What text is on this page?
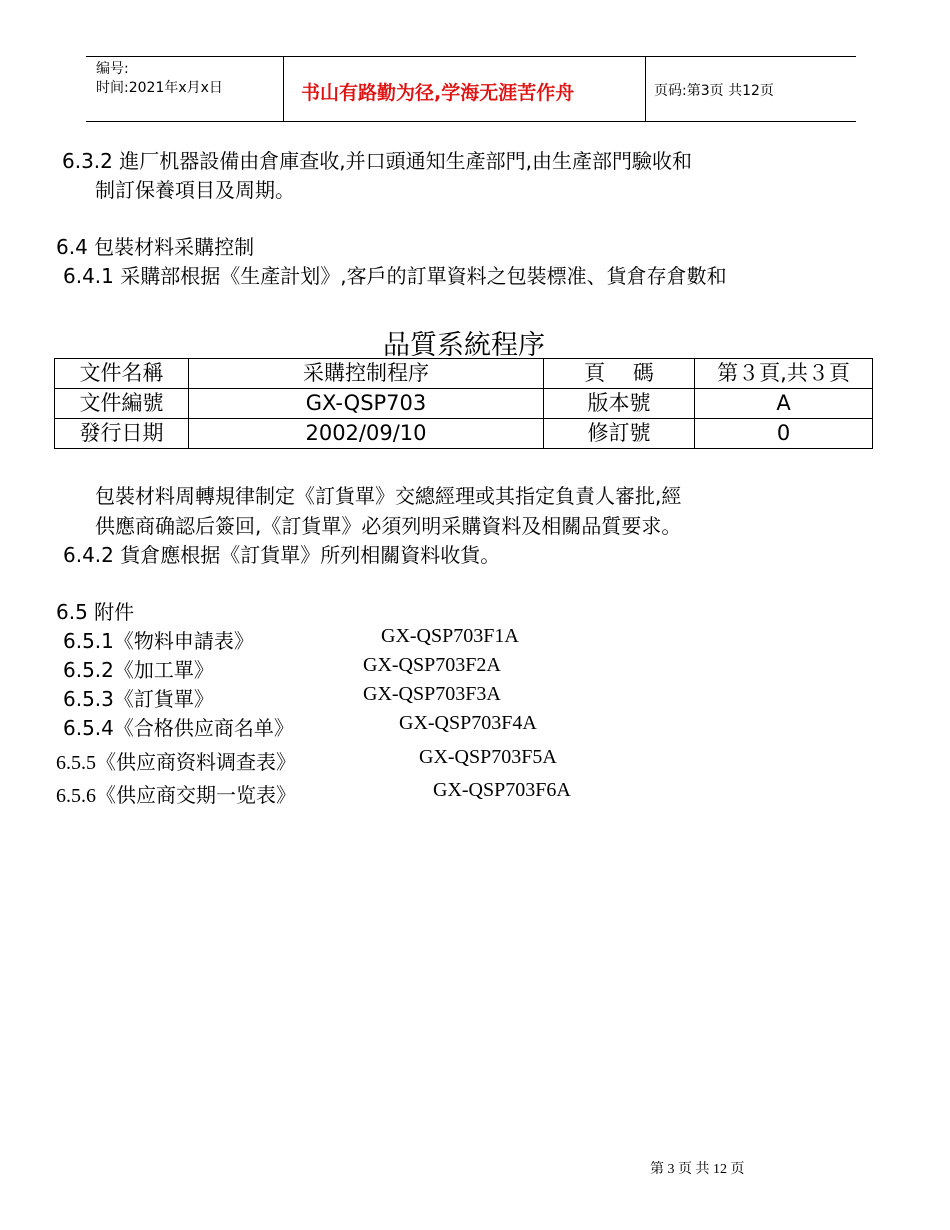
编号:
时间:2021年x月x日	书山有路勤为径,学海无涯苦作舟	页码:第3页 共12页
6.3.2 進厂机器設備由倉庫查收,并口頭通知生產部門,由生產部門驗收和
制訂保養項目及周期。
6.4 包裝材料采購控制
6.4.1 采購部根据《生產計划》,客戶的訂單資料之包裝標准、貨倉存倉數和
品質系統程序
文件名稱	采購控制程序	頁　 碼	第３頁,共３頁
文件編號	GX-QSP703	版本號	A
發行日期	2002/09/10	修訂號	0
包裝材料周轉規律制定《訂貨單》交總經理或其指定負責人審批,經
供應商确認后簽回,《訂貨單》必須列明采購資料及相關品質要求。
6.4.2 貨倉應根据《訂貨單》所列相關資料收貨。
6.5 附件
6.5.1《物料申請表》	GX-QSP703F1A
6.5.2《加工單》	GX-QSP703F2A
6.5.3《訂貨單》	GX-QSP703F3A
6.5.4《合格供应商名单》	GX-QSP703F4A
6.5.5《供应商资料调查表》	GX-QSP703F5A
6.5.6《供应商交期一览表》	GX-QSP703F6A
第 3 页 共 12 页
